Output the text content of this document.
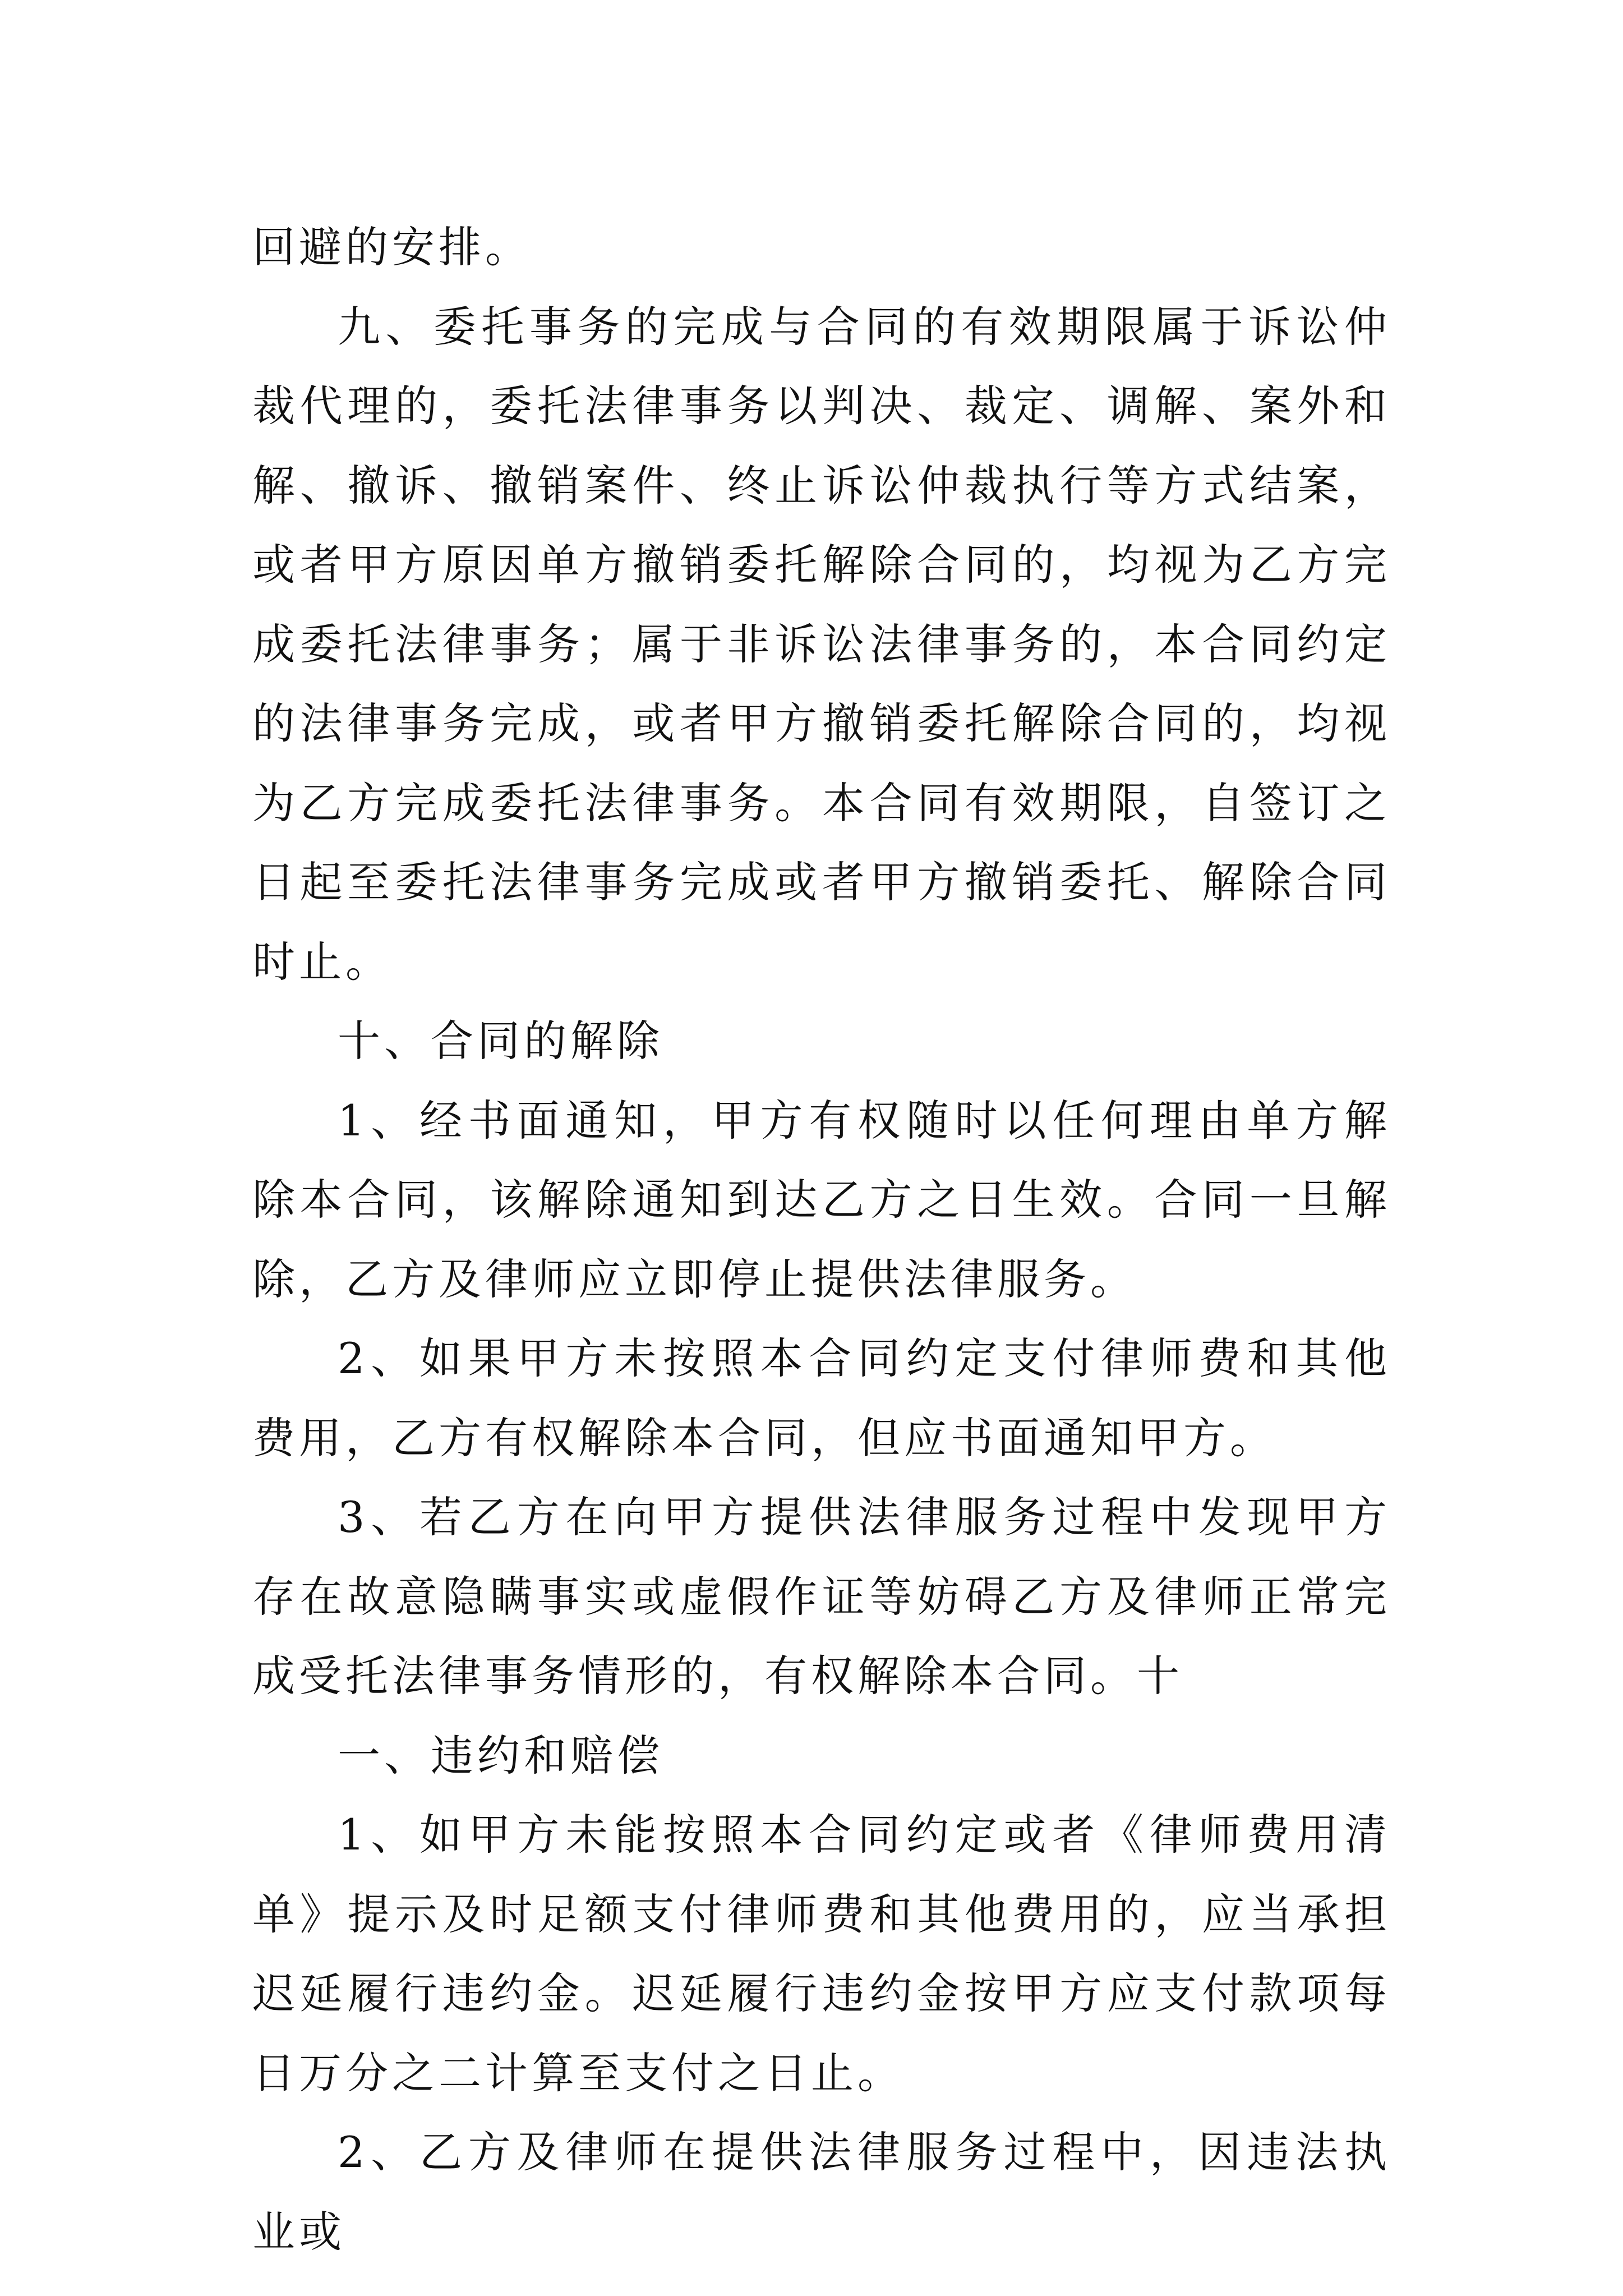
回避的安排。

九、委托事务的完成与合同的有效期限属于诉讼仲裁代理的，委托法律事务以判决、裁定、调解、案外和解、撤诉、撤销案件、终止诉讼仲裁执行等方式结案，或者甲方原因单方撤销委托解除合同的，均视为乙方完成委托法律事务；属于非诉讼法律事务的，本合同约定的法律事务完成，或者甲方撤销委托解除合同的，均视为乙方完成委托法律事务。本合同有效期限，自签订之日起至委托法律事务完成或者甲方撤销委托、解除合同时止。

十、合同的解除

1、经书面通知，甲方有权随时以任何理由单方解除本合同，该解除通知到达乙方之日生效。合同一旦解除，乙方及律师应立即停止提供法律服务。

2、如果甲方未按照本合同约定支付律师费和其他费用，乙方有权解除本合同，但应书面通知甲方。

3、若乙方在向甲方提供法律服务过程中发现甲方存在故意隐瞒事实或虚假作证等妨碍乙方及律师正常完成受托法律事务情形的，有权解除本合同。十

一、违约和赔偿

1、如甲方未能按照本合同约定或者《律师费用清单》提示及时足额支付律师费和其他费用的，应当承担迟延履行违约金。迟延履行违约金按甲方应支付款项每日万分之二计算至支付之日止。

2、乙方及律师在提供法律服务过程中，因违法执业或
